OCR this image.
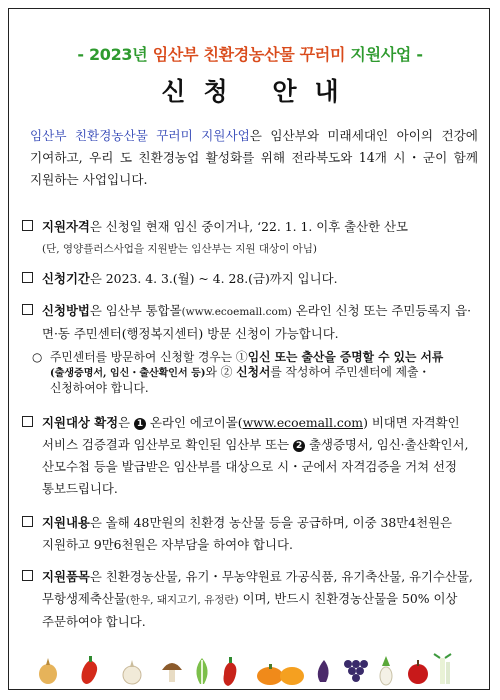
- 2023년 임산부 친환경농산물 꾸러미 지원사업 -
신청 안내
임산부 친환경농산물 꾸러미 지원사업은 임산부와 미래세대인 아이의 건강에 기여하고, 우리 도 친환경농업 활성화를 위해 전라북도와 14개 시・군이 함께 지원하는 사업입니다.
지원자격은 신청일 현재 임신 중이거나, ‘22. 1. 1. 이후 출산한 산모
(단, 영양플러스사업을 지원받는 임산부는 지원 대상이 아님)
신청기간은 2023. 4. 3.(월) ~ 4. 28.(금)까지 입니다.
신청방법은 임산부 통합몰(www.ecoemall.com) 온라인 신청 또는 주민등록지 읍·면·동 주민센터(행정복지센터) 방문 신청이 가능합니다.
○ 주민센터를 방문하여 신청할 경우는 ①임신 또는 출산을 증명할 수 있는 서류(출생증명서, 임신・출산확인서 등)와 ② 신청서를 작성하여 주민센터에 제출・신청하여야 합니다.
지원대상 확정은 1 온라인 에코이몰(www.ecoemall.com) 비대면 자격확인 서비스 검증결과 임산부로 확인된 임산부 또는 2 출생증명서, 임신·출산확인서, 산모수첩 등을 발급받은 임산부를 대상으로 시・군에서 자격검증을 거쳐 선정 통보드립니다.
지원내용은 올해 48만원의 친환경 농산물 등을 공급하며, 이중 38만4천원은 지원하고 9만6천원은 자부담을 하여야 합니다.
지원품목은 친환경농산물, 유기・무농약원료 가공식품, 유기축산물, 유기수산물, 무항생제축산물(한우, 돼지고기, 유정란) 이며, 반드시 친환경농산물을 50% 이상 주문하여야 합니다.
